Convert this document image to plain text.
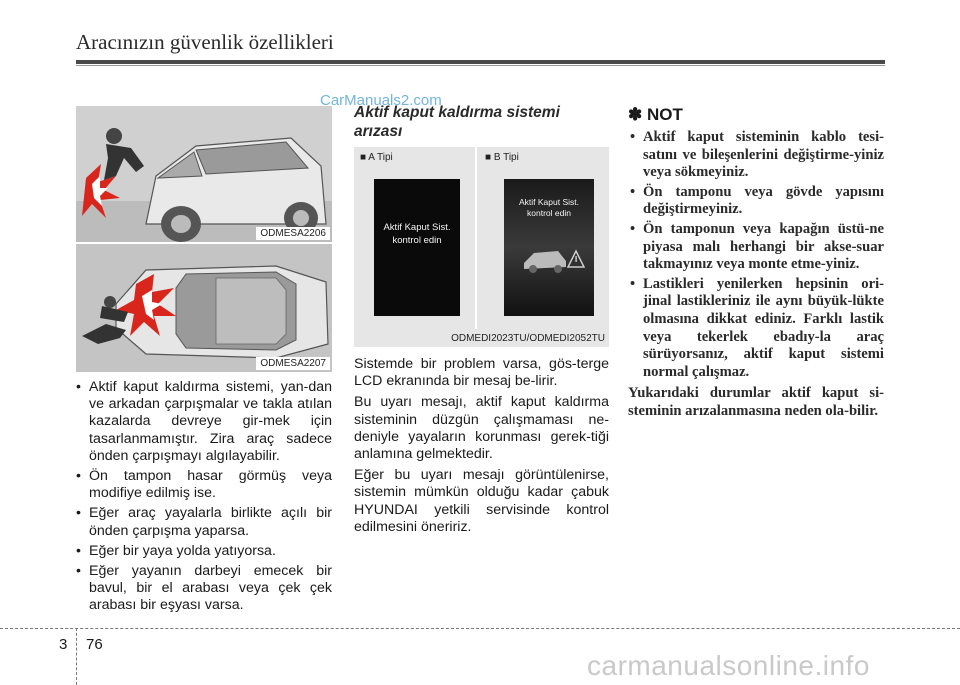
Aracınızın güvenlik özellikleri
ODMESA2206
ODMESA2207
• Aktif kaput kaldırma sistemi, yan-dan ve arkadan çarpışmalar ve takla atılan kazalarda devreye gir-mek için tasarlanmamıştır. Zira araç sadece önden çarpışmayı algılayabilir.
• Ön tampon hasar görmüş veya modifiye edilmiş ise.
• Eğer araç yayalarla birlikte açılı bir önden çarpışma yaparsa.
• Eğer bir yaya yolda yatıyorsa.
• Eğer yayanın darbeyi emecek bir bavul, bir el arabası veya çek çek arabası bir eşyası varsa.
CarManuals2.com
Aktif kaput kaldırma sistemi arızası
■ A Tipi	■ B Tipi
Aktif Kaput Sist.
kontrol edin
Aktif Kaput Sist.
kontrol edin
ODMEDI2023TU/ODMEDI2052TU

Sistemde bir problem varsa, gös-terge LCD ekranında bir mesaj be-lirir.

Bu uyarı mesajı, aktif kaput kaldırma sisteminin düzgün çalışmaması ne-deniyle yayaların korunması gerek-tiği anlamına gelmektedir.

Eğer bu uyarı mesajı görüntülenirse, sistemin mümkün olduğu kadar çabuk HYUNDAI yetkili servisinde kontrol edilmesini öneririz.

✽ NOT
• Aktif kaput sisteminin kablo tesi-satını ve bileşenlerini değiştirme-yiniz veya sökmeyiniz.
• Ön tamponu veya gövde yapısını değiştirmeyiniz.
• Ön tamponun veya kapağın üstü-ne piyasa malı herhangi bir akse-suar takmayınız veya monte etme-yiniz.
• Lastikleri yenilerken hepsinin ori-jinal lastikleriniz ile aynı büyük-lükte olmasına dikkat ediniz. Farklı lastik veya tekerlek ebadıy-la araç sürüyorsanız, aktif kaput sistemi normal çalışmaz.
Yukarıdaki durumlar aktif kaput si-steminin arızalanmasına neden ola-bilir.
3 76
carmanualsonline.info
